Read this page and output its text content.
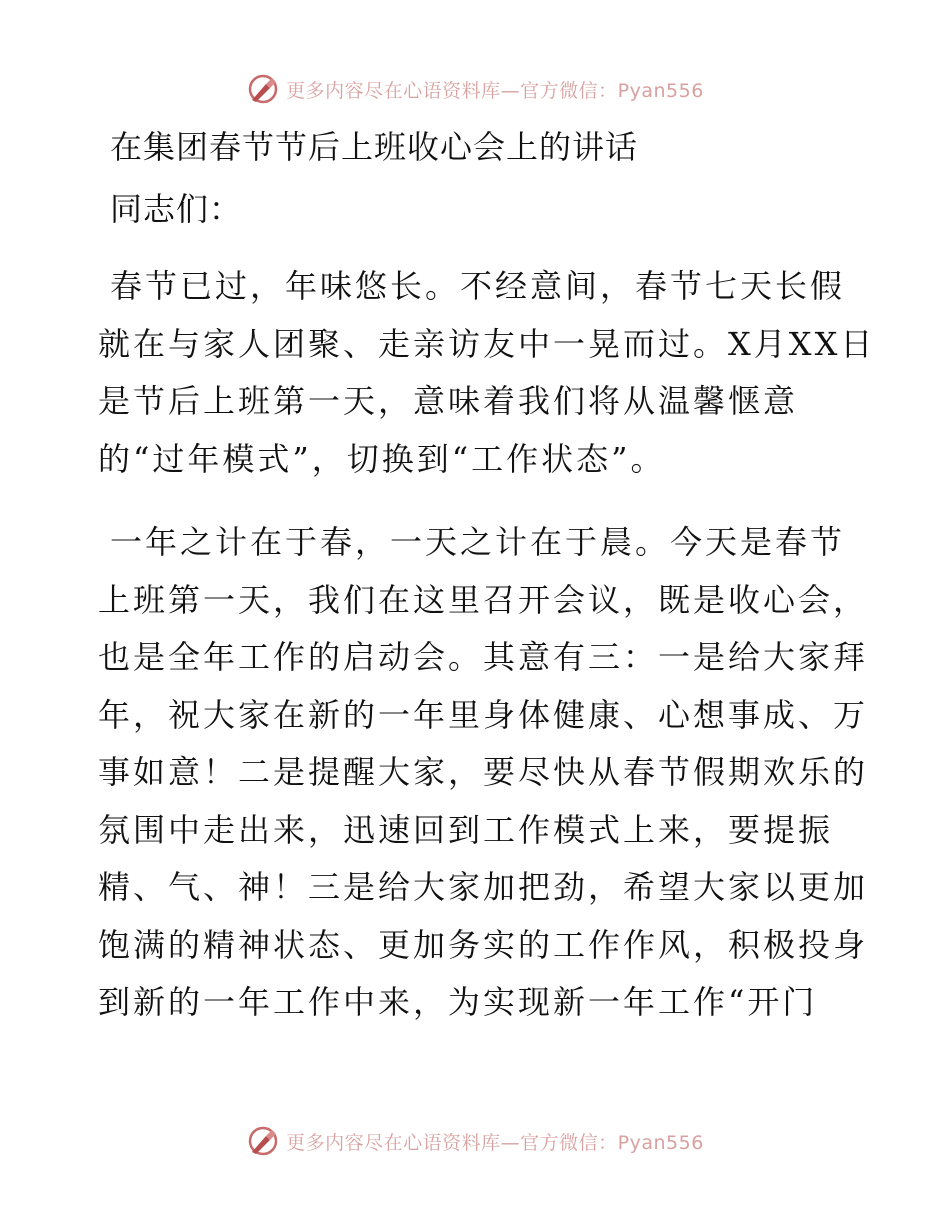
更多内容尽在心语资料库—官方微信：Pyan556
在集团春节节后上班收心会上的讲话
同志们：
春节已过，年味悠长。不经意间，春节七天长假
就在与家人团聚、走亲访友中一晃而过。X月XX日
是节后上班第一天，意味着我们将从温馨惬意
的“过年模式”，切换到“工作状态”。
一年之计在于春，一天之计在于晨。今天是春节
上班第一天，我们在这里召开会议，既是收心会，
也是全年工作的启动会。其意有三：一是给大家拜
年，祝大家在新的一年里身体健康、心想事成、万
事如意！二是提醒大家，要尽快从春节假期欢乐的
氛围中走出来，迅速回到工作模式上来，要提振
精、气、神！三是给大家加把劲，希望大家以更加
饱满的精神状态、更加务实的工作作风，积极投身
到新的一年工作中来，为实现新一年工作“开门
更多内容尽在心语资料库—官方微信：Pyan556
